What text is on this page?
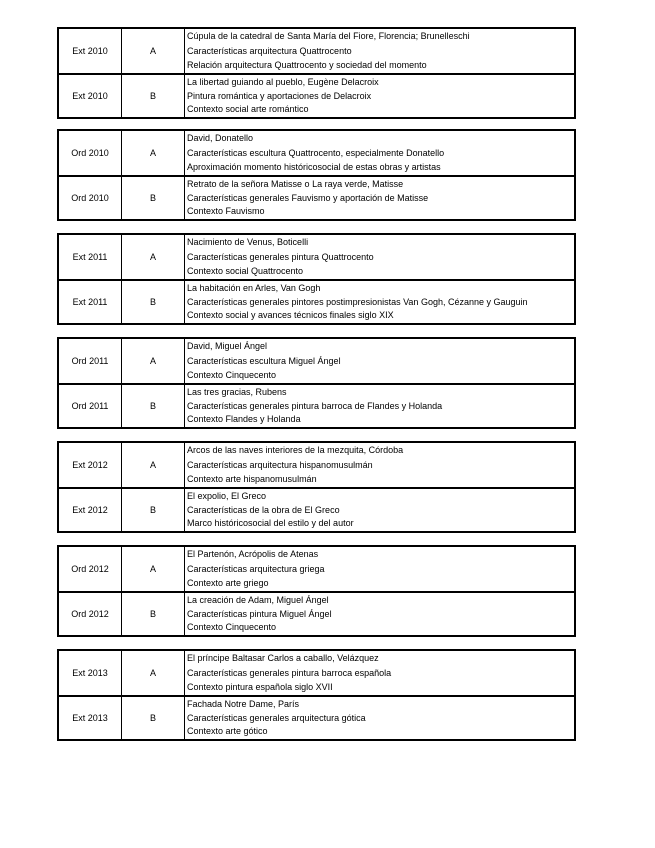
Ext 2010	A
Cúpula de la catedral de Santa María del Fiore, Florencia; Brunelleschi
Características arquitectura Quattrocento
Relación arquitectura Quattrocento y sociedad del momento
Ext 2010	B
La libertad guiando al pueblo, Eugène Delacroix
Pintura romántica y aportaciones de Delacroix
Contexto social arte romántico
Ord 2010	A
David, Donatello
Características escultura Quattrocento, especialmente Donatello
Aproximación momento históricosocial de estas obras y artistas
Ord 2010	B
Retrato de la señora Matisse o La raya verde, Matisse
Características generales Fauvismo y aportación de Matisse
Contexto Fauvismo
Ext 2011	A
Nacimiento de Venus, Boticelli
Características generales pintura Quattrocento
Contexto social Quattrocento
Ext 2011	B
La habitación en Arles, Van Gogh
Características generales pintores postimpresionistas Van Gogh, Cézanne y Gauguin
Contexto social y avances técnicos finales siglo XIX
Ord 2011	A
David, Miguel Ángel
Características escultura Miguel Ángel
Contexto Cinquecento
Ord 2011	B
Las tres gracias, Rubens
Características generales pintura barroca de Flandes y Holanda
Contexto Flandes y Holanda
Ext 2012	A
Arcos de las naves interiores de la mezquita, Córdoba
Características arquitectura hispanomusulmán
Contexto arte hispanomusulmán
Ext 2012	B
El expolio, El Greco
Características de la obra de El Greco
Marco históricosocial del estilo y del autor
Ord 2012	A
El Partenón, Acrópolis de Atenas
Características arquitectura griega
Contexto arte griego
Ord 2012	B
La creación de Adam, Miguel Ángel
Características pintura Miguel Ángel
Contexto Cinquecento
Ext 2013	A
El príncipe Baltasar Carlos a caballo, Velázquez
Características generales pintura barroca española
Contexto pintura española siglo XVII
Ext 2013	B
Fachada Notre Dame, París
Características generales arquitectura gótica
Contexto arte gótico
